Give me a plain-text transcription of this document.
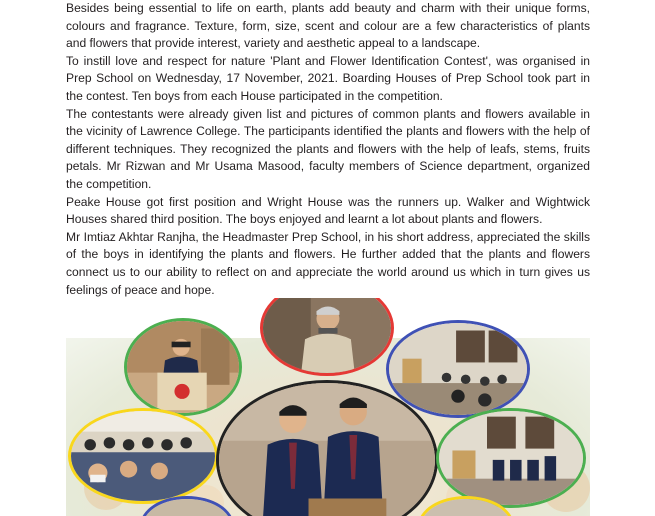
Besides being essential to life on earth, plants add beauty and charm with their unique forms, colours and fragrance. Texture, form, size, scent and colour are a few characteristics of plants and flowers that provide interest, variety and aesthetic appeal to a landscape.

To instill love and respect for nature 'Plant and Flower Identification Contest', was organised in Prep School on Wednesday, 17 November, 2021. Boarding Houses of Prep School took part in the contest. Ten boys from each House participated in the competition.

The contestants were already given list and pictures of common plants and flowers available in the vicinity of Lawrence College. The participants identified the plants and flowers with the help of different techniques. They recognized the plants and flowers with the help of leafs, stems, fruits petals. Mr Rizwan and Mr Usama Masood, faculty members of Science department, organized the competition.

Peake House got first position and Wright House was the runners up. Walker and Wightwick Houses shared third position. The boys enjoyed and learnt a lot about plants and flowers.

Mr Imtiaz Akhtar Ranjha, the Headmaster Prep School, in his short address, appreciated the skills of the boys in identifying the plants and flowers. He further added that the plants and flowers connect us to our ability to reflect on and appreciate the world around us which in turn gives us feelings of peace and hope.
